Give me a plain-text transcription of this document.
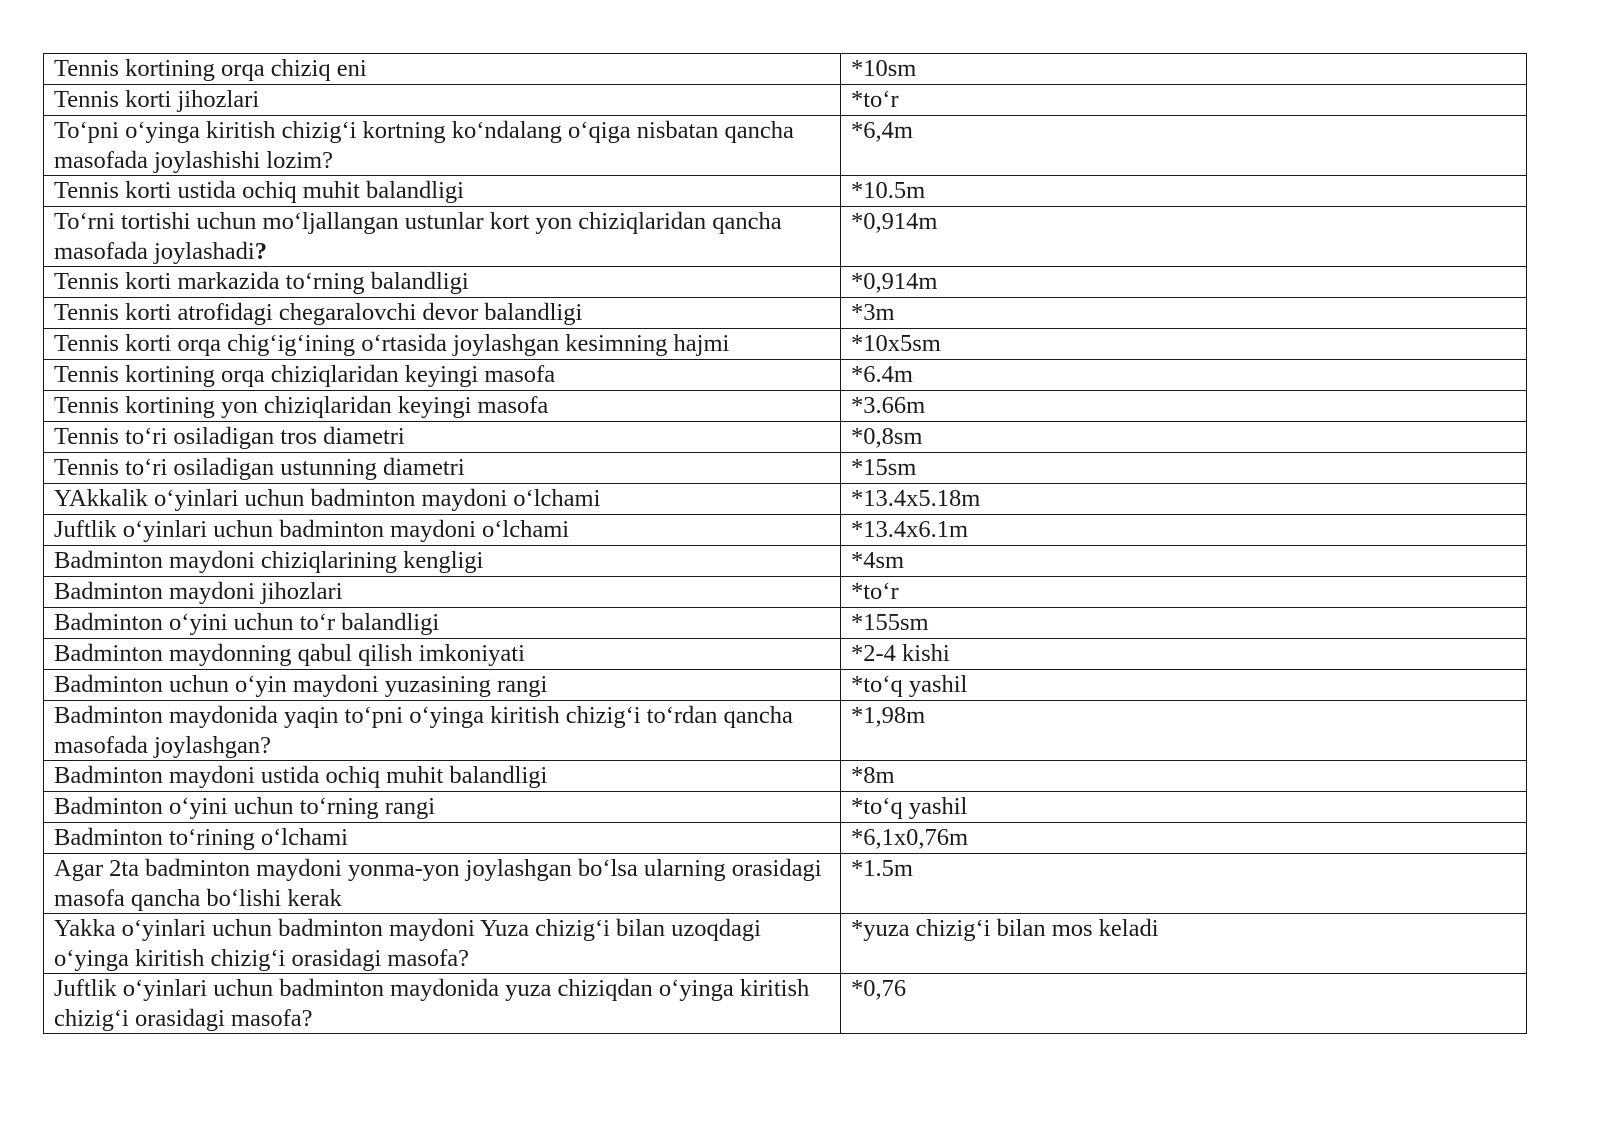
Tennis kortining orqa chiziq eni	*10sm
Tennis korti jihozlari	*to‘r
To‘pni o‘yinga kiritish chizig‘i kortning ko‘ndalang o‘qiga nisbatan qancha masofada joylashishi lozim?	*6,4m
Tennis korti ustida ochiq muhit balandligi	*10.5m
To‘rni tortishi uchun mo‘ljallangan ustunlar kort yon chiziqlaridan qancha masofada joylashadi?	*0,914m
Tennis korti markazida to‘rning balandligi	*0,914m
Tennis korti atrofidagi chegaralovchi devor balandligi	*3m
Tennis korti orqa chig‘ig‘ining o‘rtasida joylashgan kesimning hajmi	*10x5sm
Tennis kortining orqa chiziqlaridan keyingi masofa	*6.4m
Tennis kortining yon chiziqlaridan keyingi masofa	*3.66m
Tennis to‘ri osiladigan tros diametri	*0,8sm
Tennis to‘ri osiladigan ustunning diametri	*15sm
YAkkalik o‘yinlari uchun badminton maydoni o‘lchami	*13.4x5.18m
Juftlik o‘yinlari uchun badminton maydoni o‘lchami	*13.4x6.1m
Badminton maydoni chiziqlarining kengligi	*4sm
Badminton maydoni jihozlari	*to‘r
Badminton o‘yini uchun to‘r balandligi	*155sm
Badminton maydonning qabul qilish imkoniyati	*2-4 kishi
Badminton uchun o‘yin maydoni yuzasining rangi	*to‘q yashil
Badminton maydonida yaqin to‘pni o‘yinga kiritish chizig‘i to‘rdan qancha masofada joylashgan?	*1,98m
Badminton maydoni ustida ochiq muhit balandligi	*8m
Badminton o‘yini uchun to‘rning rangi	*to‘q yashil
Badminton to‘rining o‘lchami	*6,1x0,76m
Agar 2ta badminton maydoni yonma-yon joylashgan bo‘lsa ularning orasidagi masofa qancha bo‘lishi kerak	*1.5m
Yakka o‘yinlari uchun badminton maydoni Yuza chizig‘i bilan uzoqdagi o‘yinga kiritish chizig‘i orasidagi masofa?	*yuza chizig‘i bilan mos keladi
Juftlik o‘yinlari uchun badminton maydonida yuza chiziqdan o‘yinga kiritish chizig‘i orasidagi masofa?	*0,76
